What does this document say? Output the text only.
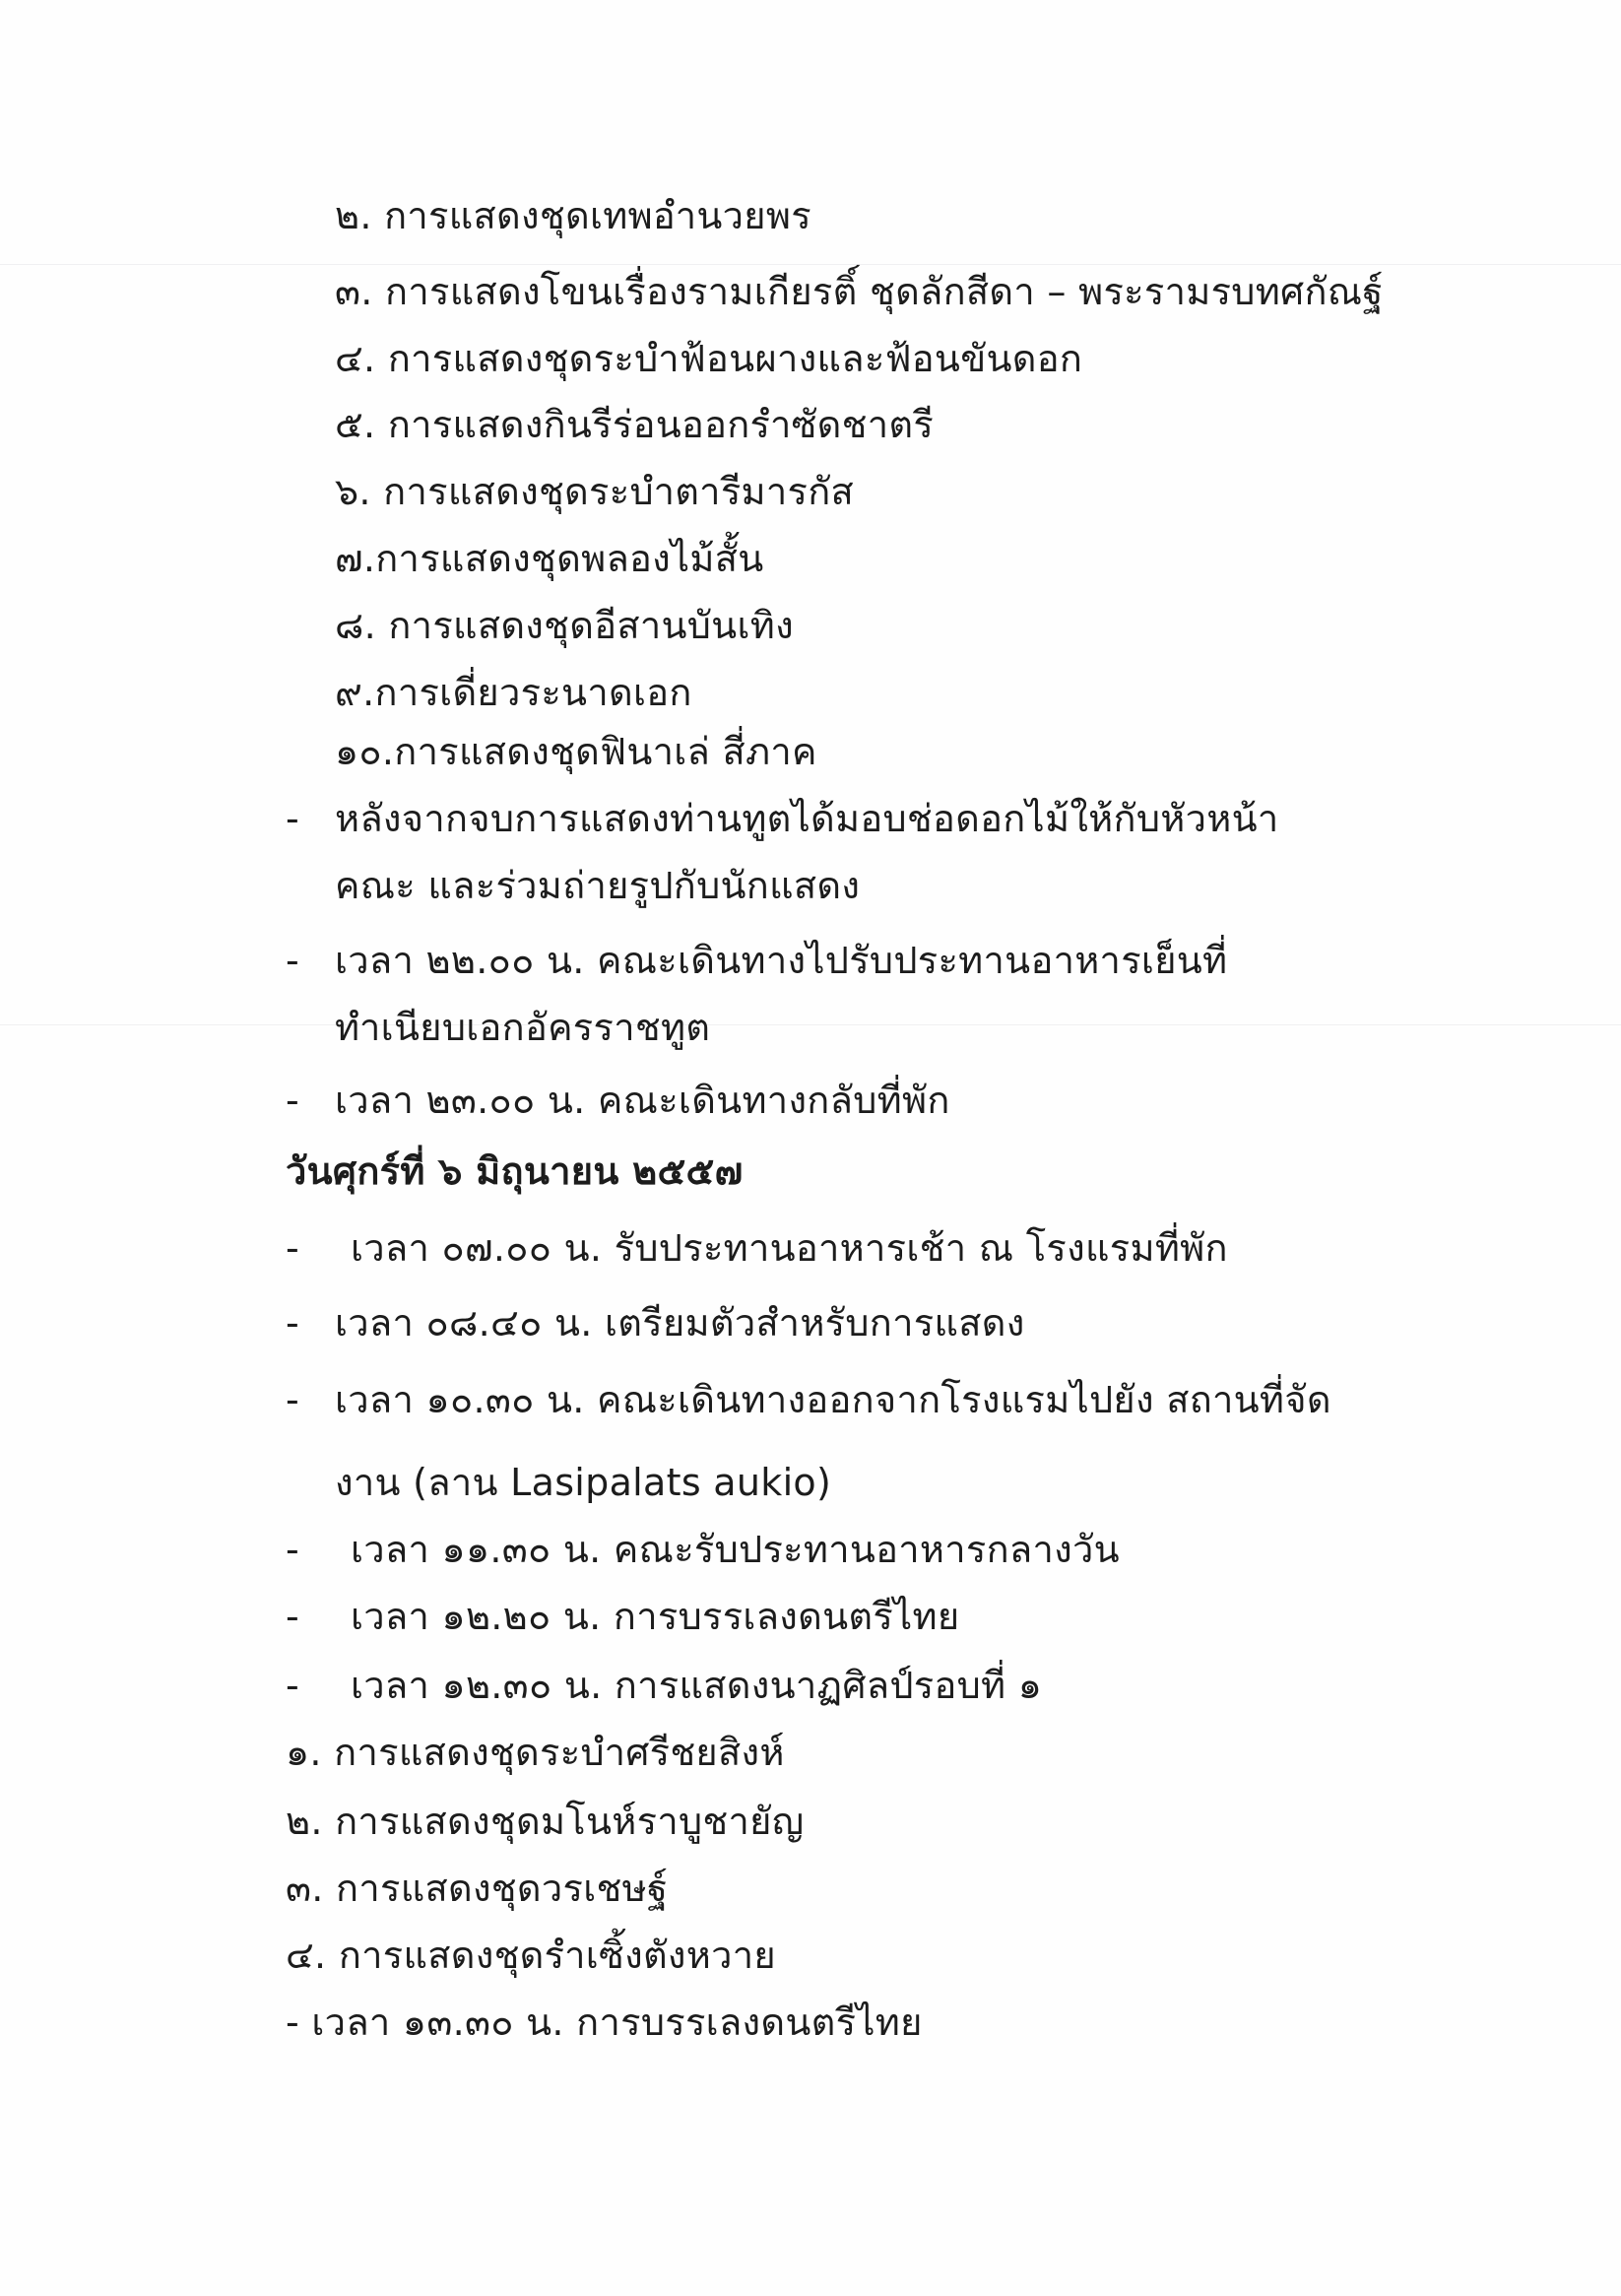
๒. การแสดงชุดเทพอำนวยพร
๓. การแสดงโขนเรื่องรามเกียรติ์ ชุดลักสีดา – พระรามรบทศกัณฐ์
๔. การแสดงชุดระบำฟ้อนผางและฟ้อนขันดอก
๕. การแสดงกินรีร่อนออกรำซัดชาตรี
๖. การแสดงชุดระบำตารีมารกัส
๗.การแสดงชุดพลองไม้สั้น
๘. การแสดงชุดอีสานบันเทิง
๙.การเดี่ยวระนาดเอก
๑๐.การแสดงชุดฟินาเล่ สี่ภาค
- หลังจากจบการแสดงท่านทูตได้มอบช่อดอกไม้ให้กับหัวหน้า
คณะ และร่วมถ่ายรูปกับนักแสดง
- เวลา ๒๒.๐๐ น. คณะเดินทางไปรับประทานอาหารเย็นที่
ทำเนียบเอกอัครราชทูต
- เวลา ๒๓.๐๐ น. คณะเดินทางกลับที่พัก
วันศุกร์ที่ ๖ มิถุนายน ๒๕๕๗
- เวลา ๐๗.๐๐ น. รับประทานอาหารเช้า ณ โรงแรมที่พัก
- เวลา ๐๘.๔๐ น. เตรียมตัวสำหรับการแสดง
- เวลา ๑๐.๓๐ น. คณะเดินทางออกจากโรงแรมไปยัง สถานที่จัด
งาน (ลาน Lasipalats aukio)
- เวลา ๑๑.๓๐ น. คณะรับประทานอาหารกลางวัน
- เวลา ๑๒.๒๐ น. การบรรเลงดนตรีไทย
- เวลา ๑๒.๓๐ น. การแสดงนาฏศิลป์รอบที่ ๑
๑. การแสดงชุดระบำศรีชยสิงห์
๒. การแสดงชุดมโนห์ราบูชายัญ
๓. การแสดงชุดวรเชษฐ์
๔. การแสดงชุดรำเซิ้งตังหวาย
- เวลา ๑๓.๓๐ น. การบรรเลงดนตรีไทย
